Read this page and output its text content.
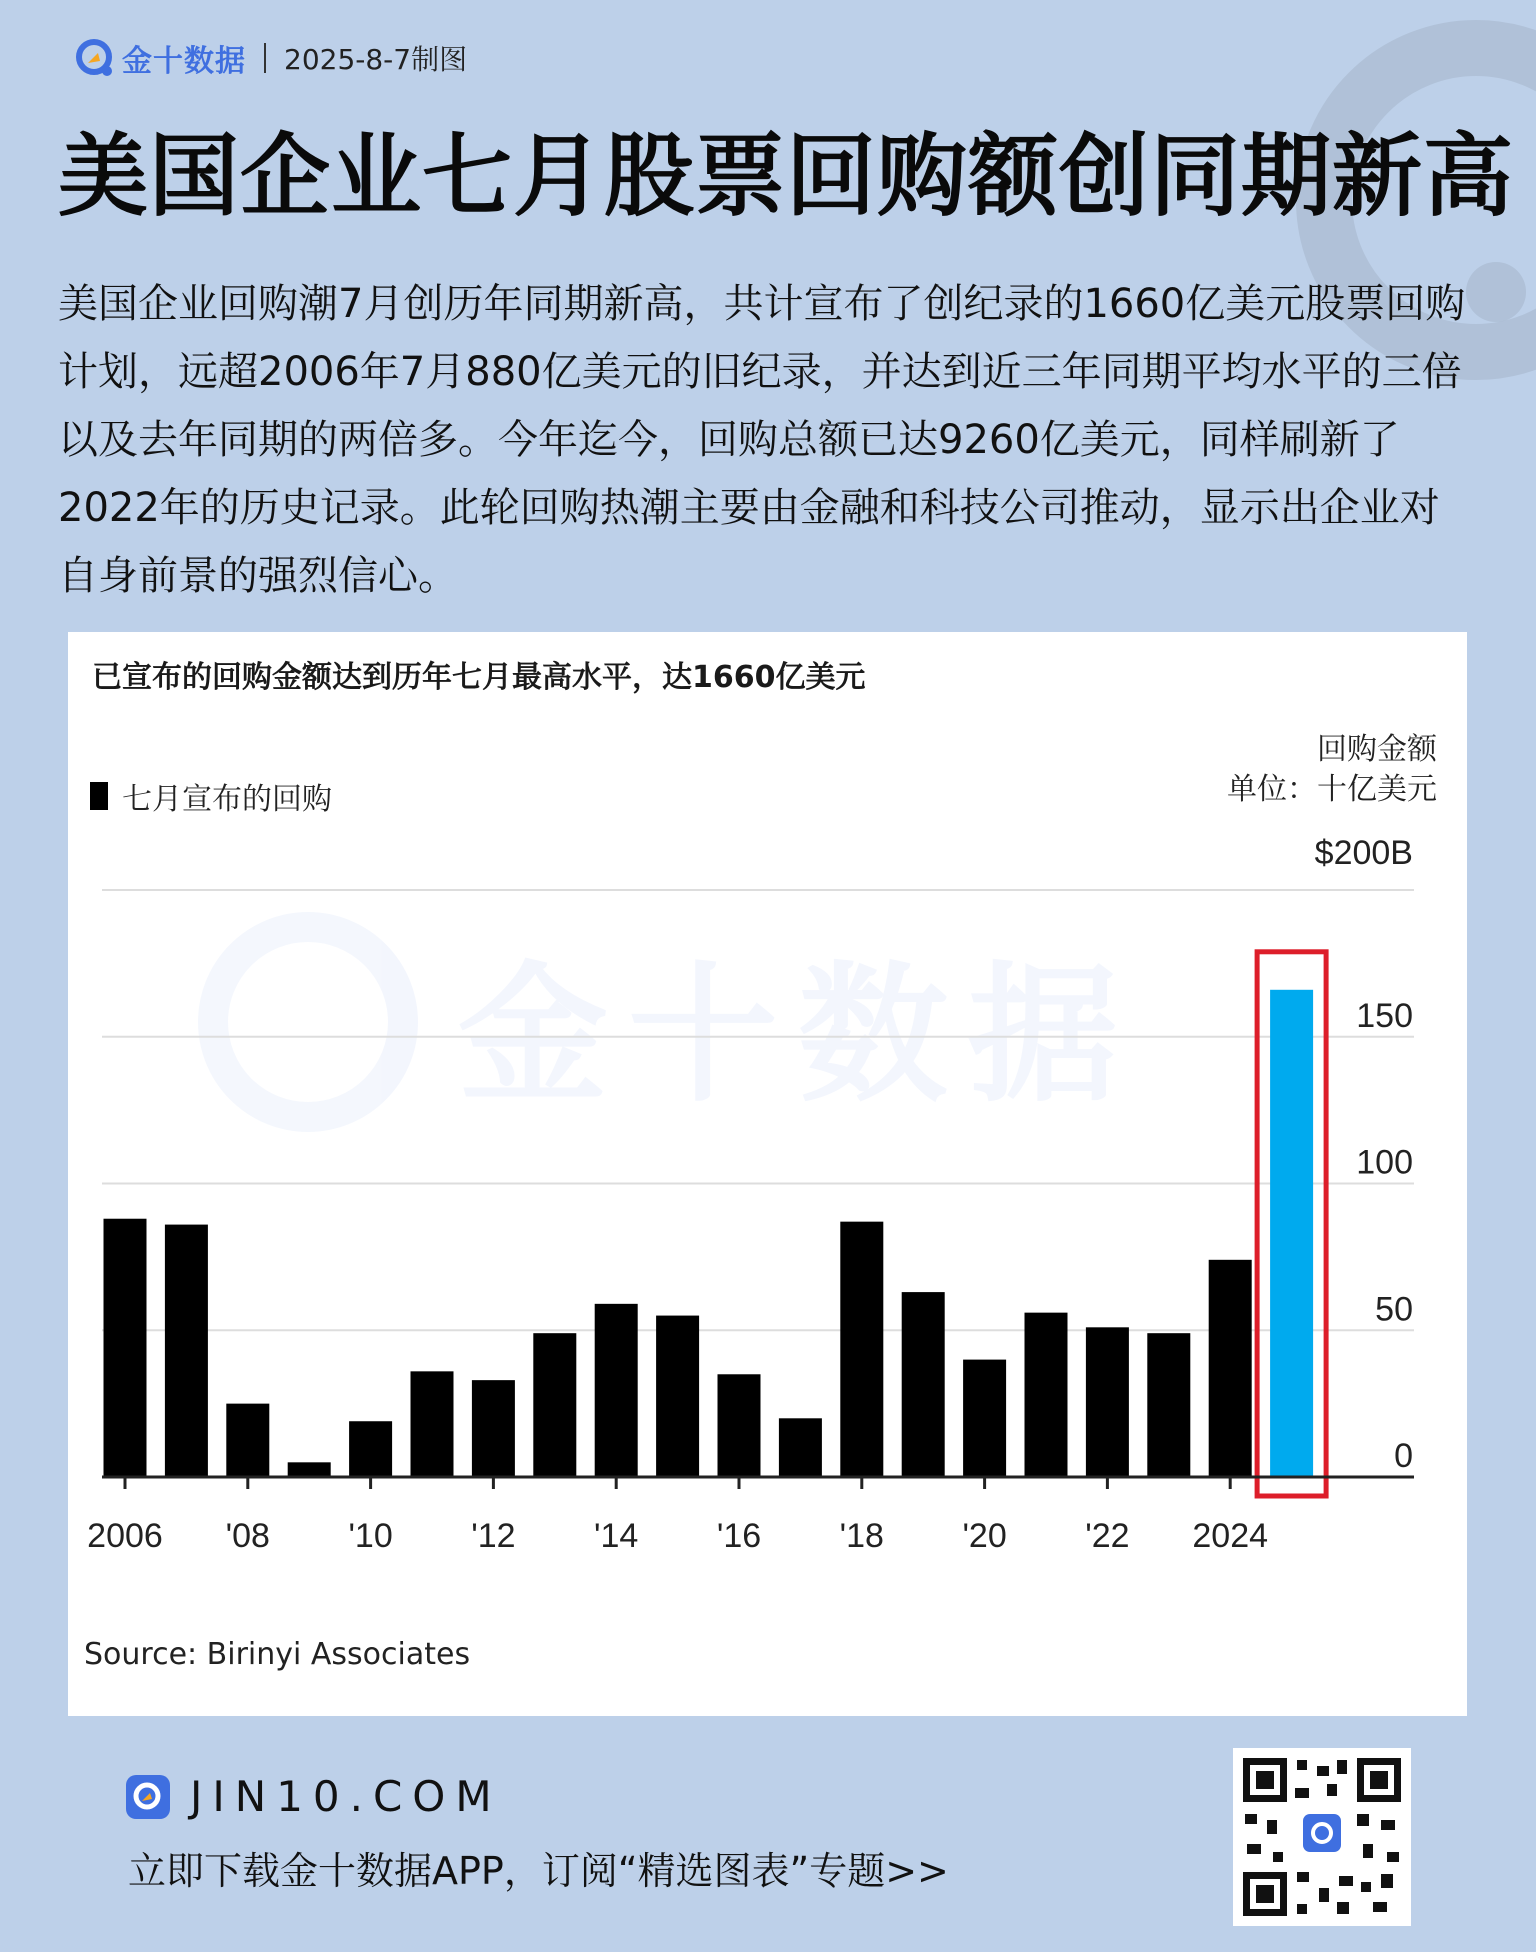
金十数据 2025-8-7制图
美国企业七月股票回购额创同期新高

美国企业回购潮7月创历年同期新高，共计宣布了创纪录的1660亿美元股票回购计划，远超2006年7月880亿美元的旧纪录，并达到近三年同期平均水平的三倍以及去年同期的两倍多。今年迄今，回购总额已达9260亿美元，同样刷新了2022年的历史记录。此轮回购热潮主要由金融和科技公司推动，显示出企业对自身前景的强烈信心。

金十数据
已宣布的回购金额达到历年七月最高水平，达1660亿美元
七月宣布的回购
回购金额
单位：十亿美元
$200B
150
100
50
0
2006 '08 '10 '12 '14 '16 '18 '20 '22 2024
Source: Birinyi Associates
JIN10.COM
立即下载金十数据APP，订阅“精选图表”专题>>
